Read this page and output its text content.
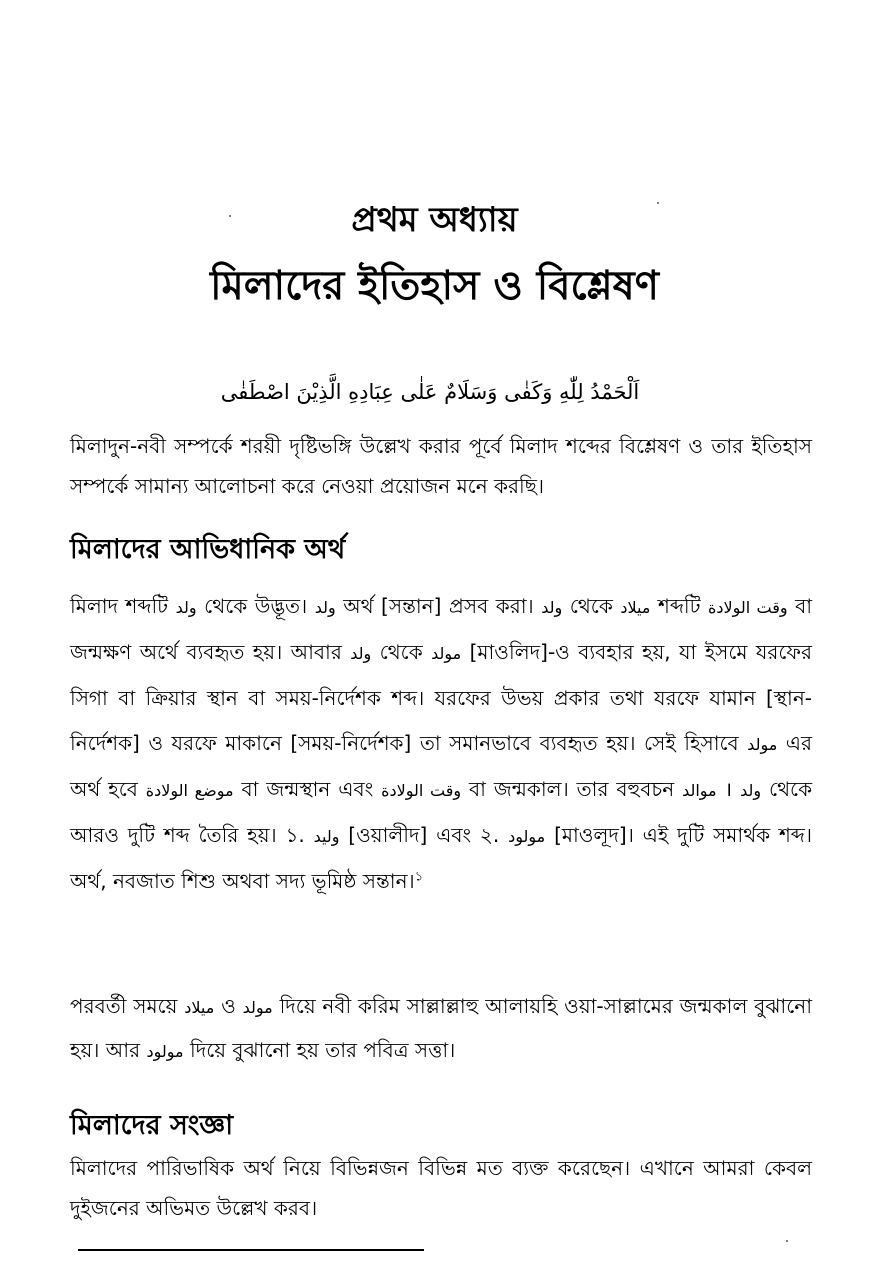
প্রথম অধ্যায়
মিলাদের ইতিহাস ও বিশ্লেষণ
اَلْحَمْدُ لِلّٰهِ وَكَفٰى وَسَلَامٌ عَلٰى عِبَادِهِ الَّذِيْنَ اصْطَفٰى

মিলাদুন-নবী সম্পর্কে শরয়ী দৃষ্টিভঙ্গি উল্লেখ করার পূর্বে মিলাদ শব্দের বিশ্লেষণ ও তার ইতিহাস সম্পর্কে সামান্য আলোচনা করে নেওয়া প্রয়োজন মনে করছি।

মিলাদের আভিধানিক অর্থ

মিলাদ শব্দটি ولد থেকে উদ্ভূত। ولد অর্থ [সন্তান] প্রসব করা। ولد থেকে ميلاد শব্দটি وقت الولادة বা জন্মক্ষণ অর্থে ব্যবহৃত হয়। আবার ولد থেকে مولد [মাওলিদ]-ও ব্যবহার হয়, যা ইসমে যরফের সিগা বা ক্রিয়ার স্থান বা সময়-নির্দেশক শব্দ। যরফের উভয় প্রকার তথা যরফে যামান [স্থান-নির্দেশক] ও যরফে মাকানে [সময়-নির্দেশক] তা সমানভাবে ব্যবহৃত হয়। সেই হিসাবে مولد এর অর্থ হবে موضع الولادة বা জন্মস্থান এবং وقت الولادة বা জন্মকাল। তার বহুবচন موالد । ولد থেকে আরও দুটি শব্দ তৈরি হয়। ১. وليد [ওয়ালীদ] এবং ২. مولود [মাওলূদ]। এই দুটি সমার্থক শব্দ। অর্থ, নবজাত শিশু অথবা সদ্য ভূমিষ্ঠ সন্তান।$^১$

পরবর্তী সময়ে ميلاد ও مولد দিয়ে নবী করিম সাল্লাল্লাহু আলায়হি ওয়া-সাল্লামের জন্মকাল বুঝানো হয়। আর مولود দিয়ে বুঝানো হয় তার পবিত্র সত্তা।

মিলাদের সংজ্ঞা

মিলাদের পারিভাষিক অর্থ নিয়ে বিভিন্নজন বিভিন্ন মত ব্যক্ত করেছেন। এখানে আমরা কেবল দুইজনের অভিমত উল্লেখ করব।
